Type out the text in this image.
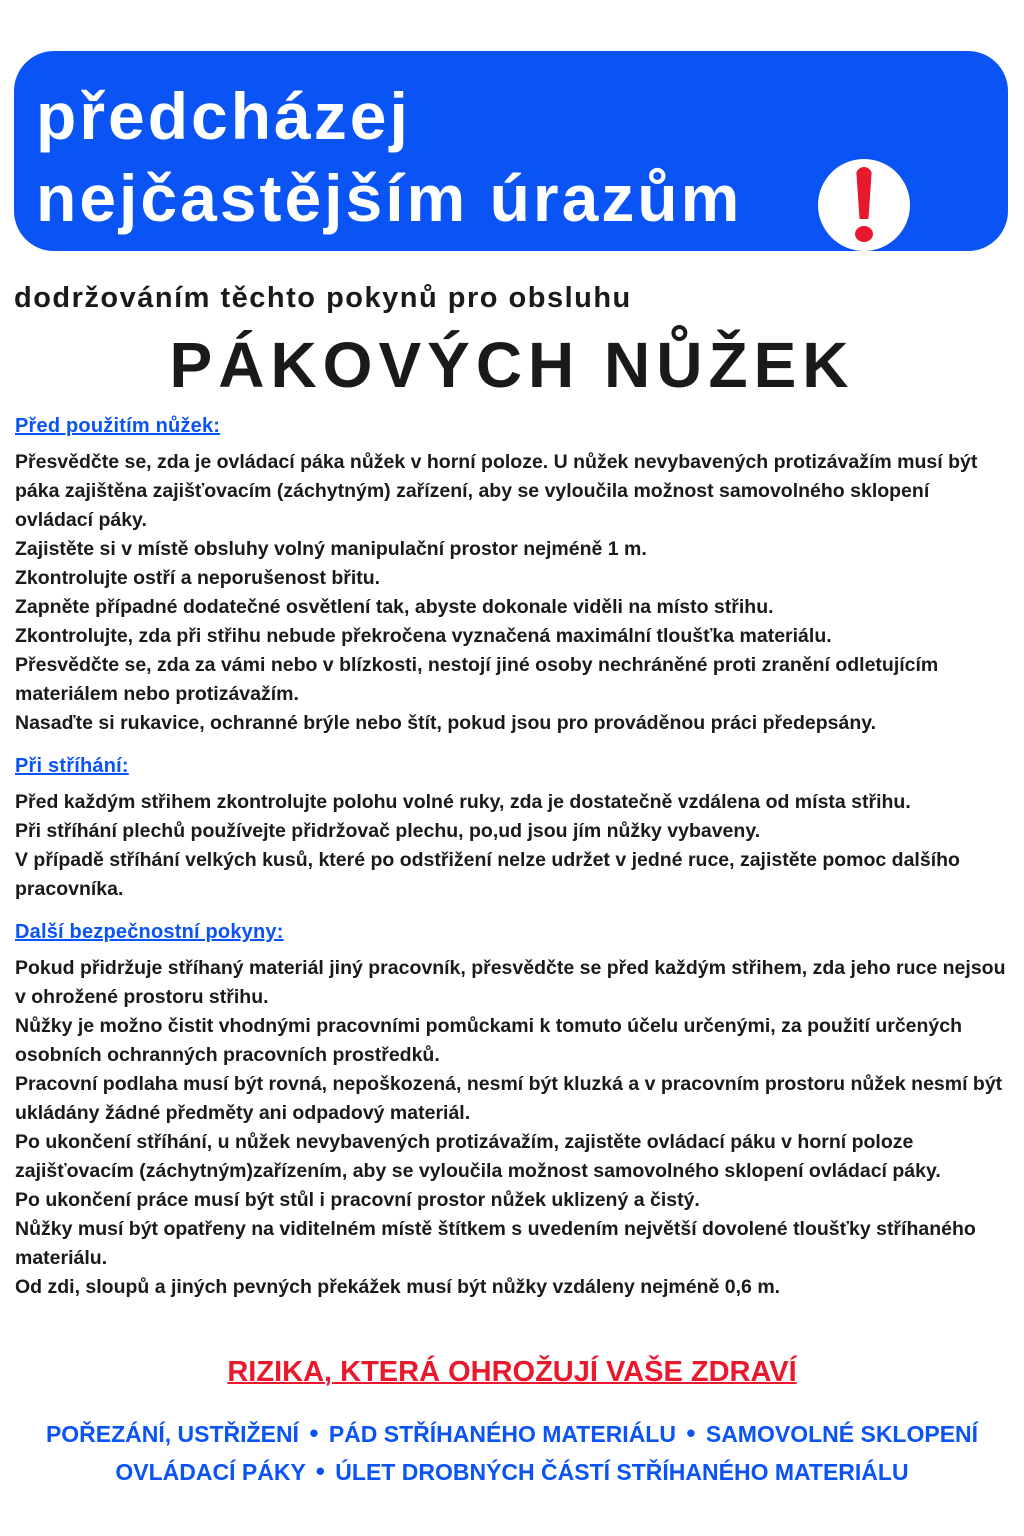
předcházej nejčastějším úrazům

dodržováním těchto pokynů pro obsluhu

PÁKOVÝCH NŮŽEK
Před použitím nůžek:

Přesvědčte se, zda je ovládací páka nůžek v horní poloze. U nůžek nevybavených protizávažím musí být páka zajištěna zajišťovacím (záchytným) zařízení, aby se vyloučila možnost samovolného sklopení ovládací páky.

Zajistěte si v místě obsluhy volný manipulační prostor nejméně 1 m.

Zkontrolujte ostří a neporušenost břitu.

Zapněte případné dodatečné osvětlení tak, abyste dokonale viděli na místo střihu.

Zkontrolujte, zda při střihu nebude překročena vyznačená maximální tloušťka materiálu.

Přesvědčte se, zda za vámi nebo v blízkosti, nestojí jiné osoby nechráněné proti zranění odletujícím materiálem nebo protizávažím.

Nasaďte si rukavice, ochranné brýle nebo štít, pokud jsou pro prováděnou práci předepsány.

Při stříhání:

Před každým střihem zkontrolujte polohu volné ruky, zda je dostatečně vzdálena od místa střihu.

Při stříhání plechů používejte přidržovač plechu, po,ud jsou jím nůžky vybaveny.

V případě stříhání velkých kusů, které po odstřižení nelze udržet v jedné ruce, zajistěte pomoc dalšího pracovníka.

Další bezpečnostní pokyny:

Pokud přidržuje stříhaný materiál jiný pracovník, přesvědčte se před každým střihem, zda jeho ruce nejsou v ohrožené prostoru střihu.

Nůžky je možno čistit vhodnými pracovními pomůckami k tomuto účelu určenými, za použití určených osobních ochranných pracovních prostředků.

Pracovní podlaha musí být rovná, nepoškozená, nesmí být kluzká a v pracovním prostoru nůžek nesmí být ukládány žádné předměty ani odpadový materiál.

Po ukončení stříhání, u nůžek nevybavených protizávažím, zajistěte ovládací páku v horní poloze zajišťovacím (záchytným)zařízením, aby se vyloučila možnost samovolného sklopení ovládací páky.

Po ukončení práce musí být stůl i pracovní prostor nůžek uklizený a čistý.

Nůžky musí být opatřeny na viditelném místě štítkem s uvedením největší dovolené tloušťky stříhaného materiálu.

Od zdi, sloupů a jiných pevných překážek musí být nůžky vzdáleny nejméně 0,6 m.

RIZIKA, KTERÁ OHROŽUJÍ VAŠE ZDRAVÍ

POŘEZÁNÍ, USTŘIŽENÍ • PÁD STŘÍHANÉHO MATERIÁLU • SAMOVOLNÉ SKLOPENÍ OVLÁDACÍ PÁKY • ÚLET DROBNÝCH ČÁSTÍ STŘÍHANÉHO MATERIÁLU
